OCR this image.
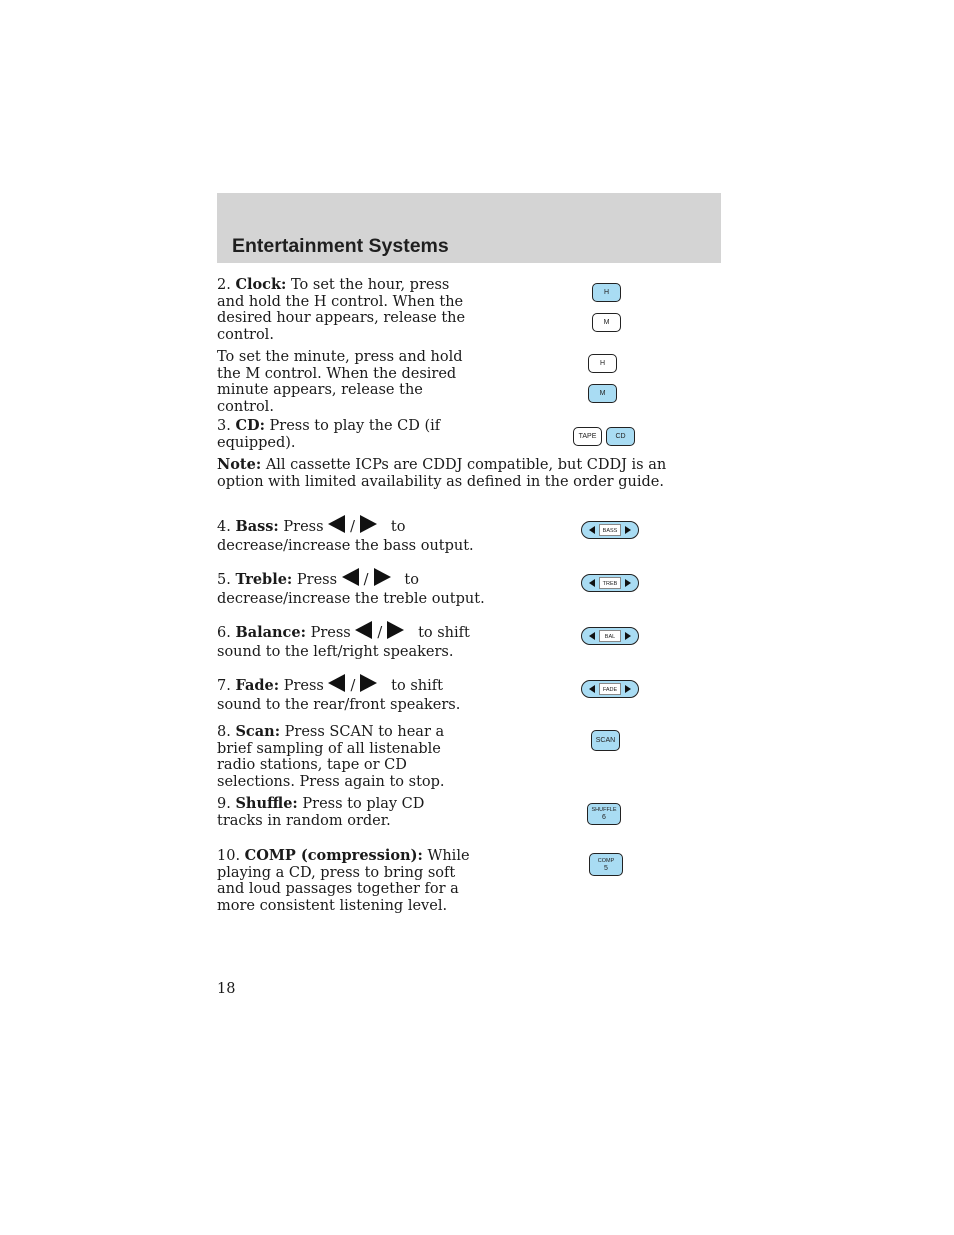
Entertainment Systems

2. Clock: To set the hour, press and hold the H control. When the desired hour appears, release the control.

To set the minute, press and hold the M control. When the desired minute appears, release the control.

H
M
H
M

3. CD: Press to play the CD (if equipped).	TAPE	CD

Note: All cassette ICPs are CDDJ compatible, but CDDJ is an option with limited availability as defined in the order guide.

4. Bass: Press / to
decrease/increase the bass output.

BASS

5. Treble: Press / to
decrease/increase the treble output.

TREB

6. Balance: Press / to shift
sound to the left/right speakers.

BAL

7. Fade: Press / to shift
sound to the rear/front speakers.

FADE

8. Scan: Press SCAN to hear a brief sampling of all listenable radio stations, tape or CD selections. Press again to stop.

SCAN

9. Shuffle: Press to play CD tracks in random order.

SHUFFLE
6

10. COMP (compression): While playing a CD, press to bring soft and loud passages together for a more consistent listening level.

COMP
5
18
